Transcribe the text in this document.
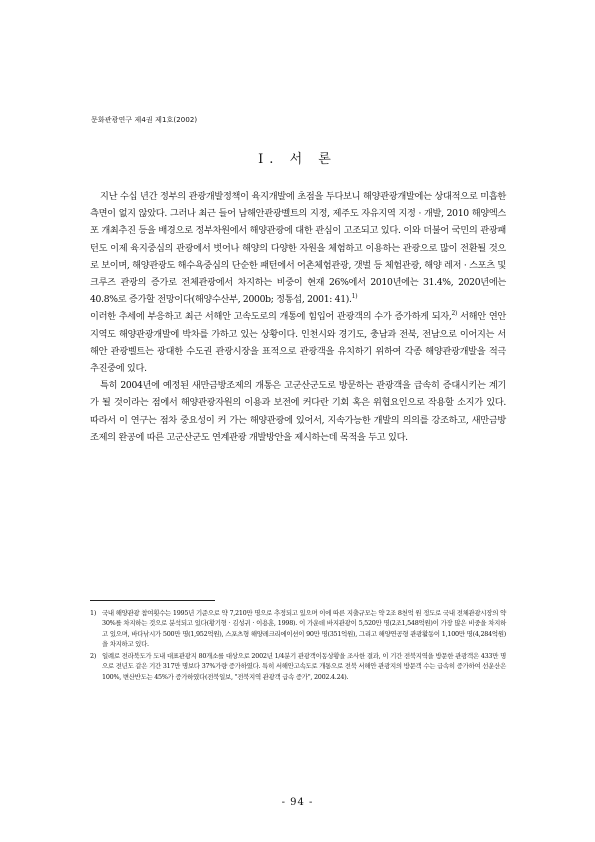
문화관광연구 제4권 제1호(2002)
Ⅰ. 서 론

지난 수십 년간 정부의 관광개발정책이 육지개발에 초점을 두다보니 해양관광개발에는 상대적으로 미흡한 측면이 없지 않았다. 그러나 최근 들어 남해안관광벨트의 지정, 제주도 자유지역 지정 · 개발, 2010 해양엑스포 개최추진 등을 배경으로 정부차원에서 해양관광에 대한 관심이 고조되고 있다. 이와 더불어 국민의 관광패턴도 이제 육지중심의 관광에서 벗어나 해양의 다양한 자원을 체험하고 이용하는 관광으로 많이 전환될 것으로 보이며, 해양관광도 해수욕중심의 단순한 패턴에서 어촌체험관광, 갯벌 등 체험관광, 해양 레저 · 스포츠 및 크루즈 관광의 증가로 전체관광에서 차지하는 비중이 현재 26%에서 2010년에는 31.4%, 2020년에는 40.8%로 증가할 전망이다(해양수산부, 2000b; 정통섭, 2001: 41).$^{1)}$

이러한 추세에 부응하고 최근 서해안 고속도로의 개통에 힘입어 관광객의 수가 증가하게 되자,$^{2)}$ 서해안 연안지역도 해양관광개발에 박차를 가하고 있는 상황이다. 인천시와 경기도, 충남과 전북, 전남으로 이어지는 서해안 관광벨트는 광대한 수도권 관광시장을 표적으로 관광객을 유치하기 위하여 각종 해양관광개발을 적극 추진중에 있다.

특히 2004년에 예정된 새만금방조제의 개통은 고군산군도로 방문하는 관광객을 급속히 증대시키는 계기가 될 것이라는 점에서 해양관광자원의 이용과 보전에 커다란 기회 혹은 위협요인으로 작용할 소지가 있다. 따라서 이 연구는 점차 중요성이 커 가는 해양관광에 있어서, 지속가능한 개발의 의의를 강조하고, 새만금방조제의 완공에 따른 고군산군도 연계관광 개발방안을 제시하는데 목적을 두고 있다.

1) 국내 해양관광 참여횟수는 1995년 기준으로 약 7,210만 명으로 추정되고 있으며 이에 따른 지출규모는 약 2조 8천억 원 정도로 국내 전체관광시장의 약 30%를 차지하는 것으로 분석되고 있다(황기형 · 김성귀 · 이용훈, 1998). 이 가운데 바지관광이 5,520만 명(2조1,548억원)이 가장 많은 비중을 차지하고 있으며, 바다낚시가 500만 명(1,952억원), 스포츠형 해양레크리에이션이 90만 명(351억원), 그리고 해양연공형 관광활동이 1,100만 명(4,284억원)을 차지하고 있다.
2) 일례로 전라북도가 도내 대표관광지 80개소를 대상으로 2002년 1/4분기 관광객이동상황을 조사한 결과, 이 기간 전북지역을 방문한 관광객은 433만 명으로 전년도 같은 기간 317만 명보다 37%가량 증가하였다. 특히 서해안고속도로 개통으로 전북 서해안 관광지의 방문객 수는 급속히 증가하여 선운산은 100%, 변산반도는 45%가 증가하였다(전북일보, "전북지역 관광객 급속 증가", 2002.4.24).
- 94 -
